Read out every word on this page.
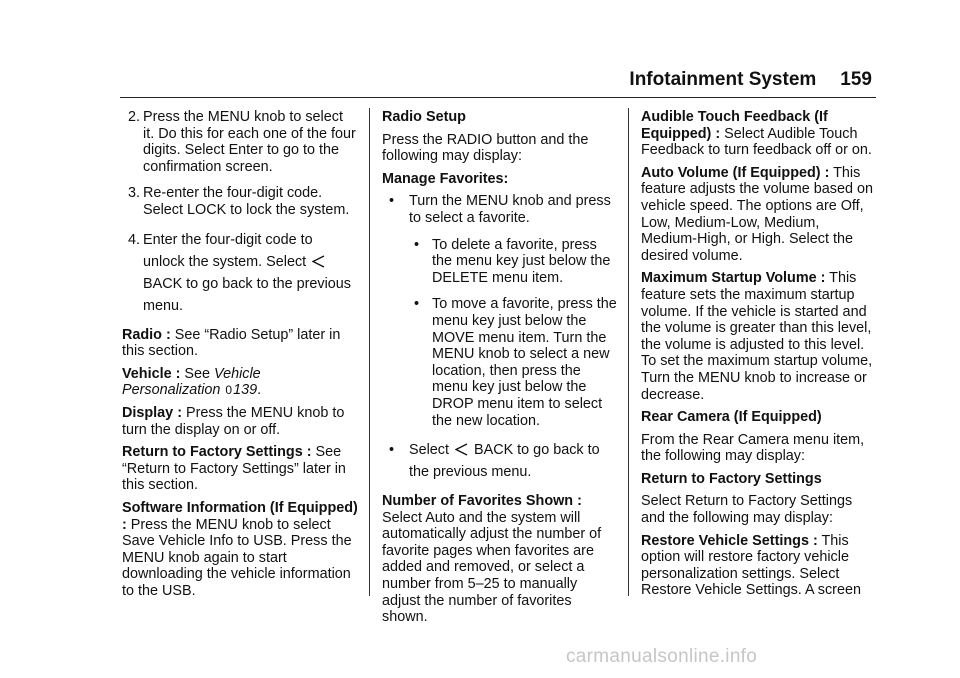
Infotainment System 159
2. Press the MENU knob to select it. Do this for each one of the four digits. Select Enter to go to the confirmation screen.
3. Re-enter the four-digit code. Select LOCK to lock the system.
4. Enter the four-digit code to unlock the system. Select  BACK to go back to the previous menu.

Radio : See “Radio Setup” later in this section.

Vehicle : See Vehicle Personalization 0139.

Display : Press the MENU knob to turn the display on or off.

Return to Factory Settings : See “Return to Factory Settings” later in this section.

Software Information (If Equipped) : Press the MENU knob to select Save Vehicle Info to USB. Press the MENU knob again to start downloading the vehicle information to the USB.

Radio Setup

Press the RADIO button and the following may display:

Manage Favorites:

• Turn the MENU knob and press to select a favorite.
• To delete a favorite, press the menu key just below the DELETE menu item.
• To move a favorite, press the menu key just below the MOVE menu item. Turn the MENU knob to select a new location, then press the menu key just below the DROP menu item to select the new location.
• Select BACK to go back to the previous menu.

Number of Favorites Shown : Select Auto and the system will automatically adjust the number of favorite pages when favorites are added and removed, or select a number from 5–25 to manually adjust the number of favorites shown.

Audible Touch Feedback (If Equipped) : Select Audible Touch Feedback to turn feedback off or on.

Auto Volume (If Equipped) : This feature adjusts the volume based on vehicle speed. The options are Off, Low, Medium-Low, Medium, Medium-High, or High. Select the desired volume.

Maximum Startup Volume : This feature sets the maximum startup volume. If the vehicle is started and the volume is greater than this level, the volume is adjusted to this level. To set the maximum startup volume, Turn the MENU knob to increase or decrease.

Rear Camera (If Equipped)

From the Rear Camera menu item, the following may display:

Return to Factory Settings

Select Return to Factory Settings and the following may display:

Restore Vehicle Settings : This option will restore factory vehicle personalization settings. Select Restore Vehicle Settings. A screen

carmanualsonline.info
